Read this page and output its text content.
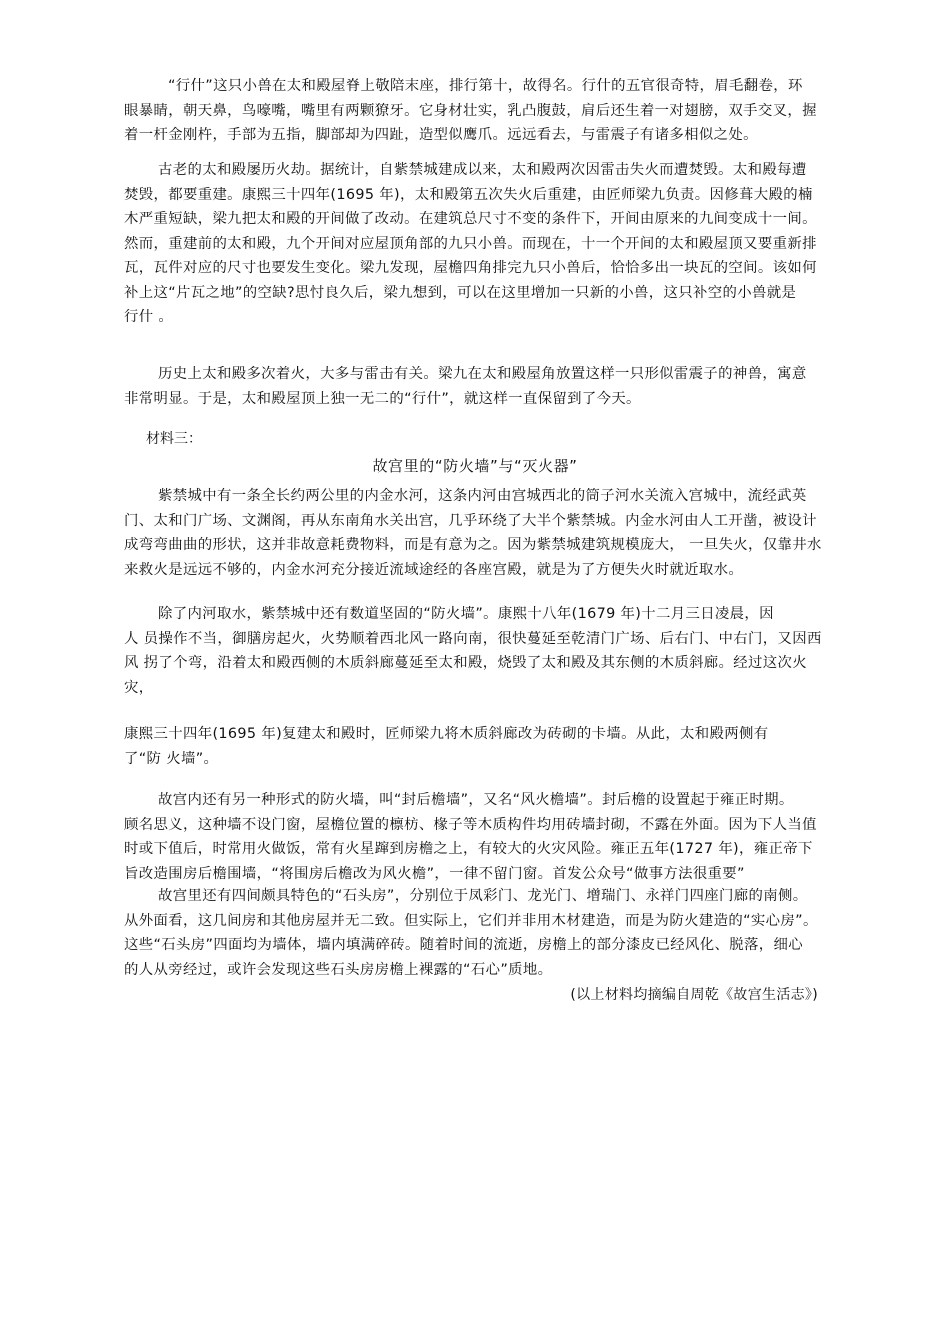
“行什”这只小兽在太和殿屋脊上敬陪末座，排行第十，故得名。行什的五官很奇特，眉毛翻卷，环
眼暴睛，朝天鼻，鸟嚎嘴，嘴里有两颗獠牙。它身材壮实，乳凸腹鼓，肩后还生着一对翅膀，双手交叉，握
着一杆金刚杵，手部为五指，脚部却为四趾，造型似鹰爪。远远看去，与雷震子有诸多相似之处。
古老的太和殿屡历火劫。据统计，自紫禁城建成以来，太和殿两次因雷击失火而遭焚毁。太和殿每遭
焚毁，都要重建。康熙三十四年(1695 年)，太和殿第五次失火后重建，由匠师梁九负责。因修葺大殿的楠
木严重短缺，梁九把太和殿的开间做了改动。在建筑总尺寸不变的条件下，开间由原来的九间变成十一间。
然而，重建前的太和殿，九个开间对应屋顶角部的九只小兽。而现在，十一个开间的太和殿屋顶又要重新排
瓦，瓦件对应的尺寸也要发生变化。梁九发现，屋檐四角排完九只小兽后，恰恰多出一块瓦的空间。该如何
补上这“片瓦之地”的空缺?思忖良久后，梁九想到，可以在这里增加一只新的小兽，这只补空的小兽就是
行什 。
历史上太和殿多次着火，大多与雷击有关。梁九在太和殿屋角放置这样一只形似雷震子的神兽，寓意
非常明显。于是，太和殿屋顶上独一无二的“行什”，就这样一直保留到了今天。
材料三：
故宫里的“防火墙”与“灭火器”
紫禁城中有一条全长约两公里的内金水河，这条内河由宫城西北的筒子河水关流入宫城中，流经武英
门、太和门广场、文渊阁，再从东南角水关出宫，几乎环绕了大半个紫禁城。内金水河由人工开凿，被设计
成弯弯曲曲的形状，这并非故意耗费物料，而是有意为之。因为紫禁城建筑规模庞大， 一旦失火，仅靠井水
来救火是远远不够的，内金水河充分接近流域途经的各座宫殿，就是为了方便失火时就近取水。
除了内河取水，紫禁城中还有数道坚固的“防火墙”。康熙十八年(1679 年)十二月三日凌晨，因
人 员操作不当，御膳房起火，火势顺着西北风一路向南，很快蔓延至乾清门广场、后右门、中右门，又因西
风 拐了个弯，沿着太和殿西侧的木质斜廊蔓延至太和殿，烧毁了太和殿及其东侧的木质斜廊。经过这次火
灾，
康熙三十四年(1695 年)复建太和殿时，匠师梁九将木质斜廊改为砖砌的卡墙。从此，太和殿两侧有
了“防 火墙”。
故宫内还有另一种形式的防火墙，叫“封后檐墙”，又名“风火檐墙”。封后檐的设置起于雍正时期。
顾名思义，这种墙不设门窗，屋檐位置的檩枋、椽子等木质构件均用砖墙封砌，不露在外面。因为下人当值
时或下值后，时常用火做饭，常有火星蹿到房檐之上，有较大的火灾风险。雍正五年(1727 年)，雍正帝下
旨改造围房后檐围墙，“将围房后檐改为风火檐”，一律不留门窗。首发公众号“做事方法很重要”
故宫里还有四间颇具特色的“石头房”，分别位于凤彩门、龙光门、增瑞门、永祥门四座门廊的南侧。
从外面看，这几间房和其他房屋并无二致。但实际上，它们并非用木材建造，而是为防火建造的“实心房”。
这些“石头房”四面均为墙体，墙内填满碎砖。随着时间的流逝，房檐上的部分漆皮已经风化、脱落，细心
的人从旁经过，或许会发现这些石头房房檐上裸露的“石心”质地。
(以上材料均摘编自周乾《故宫生活志》)
